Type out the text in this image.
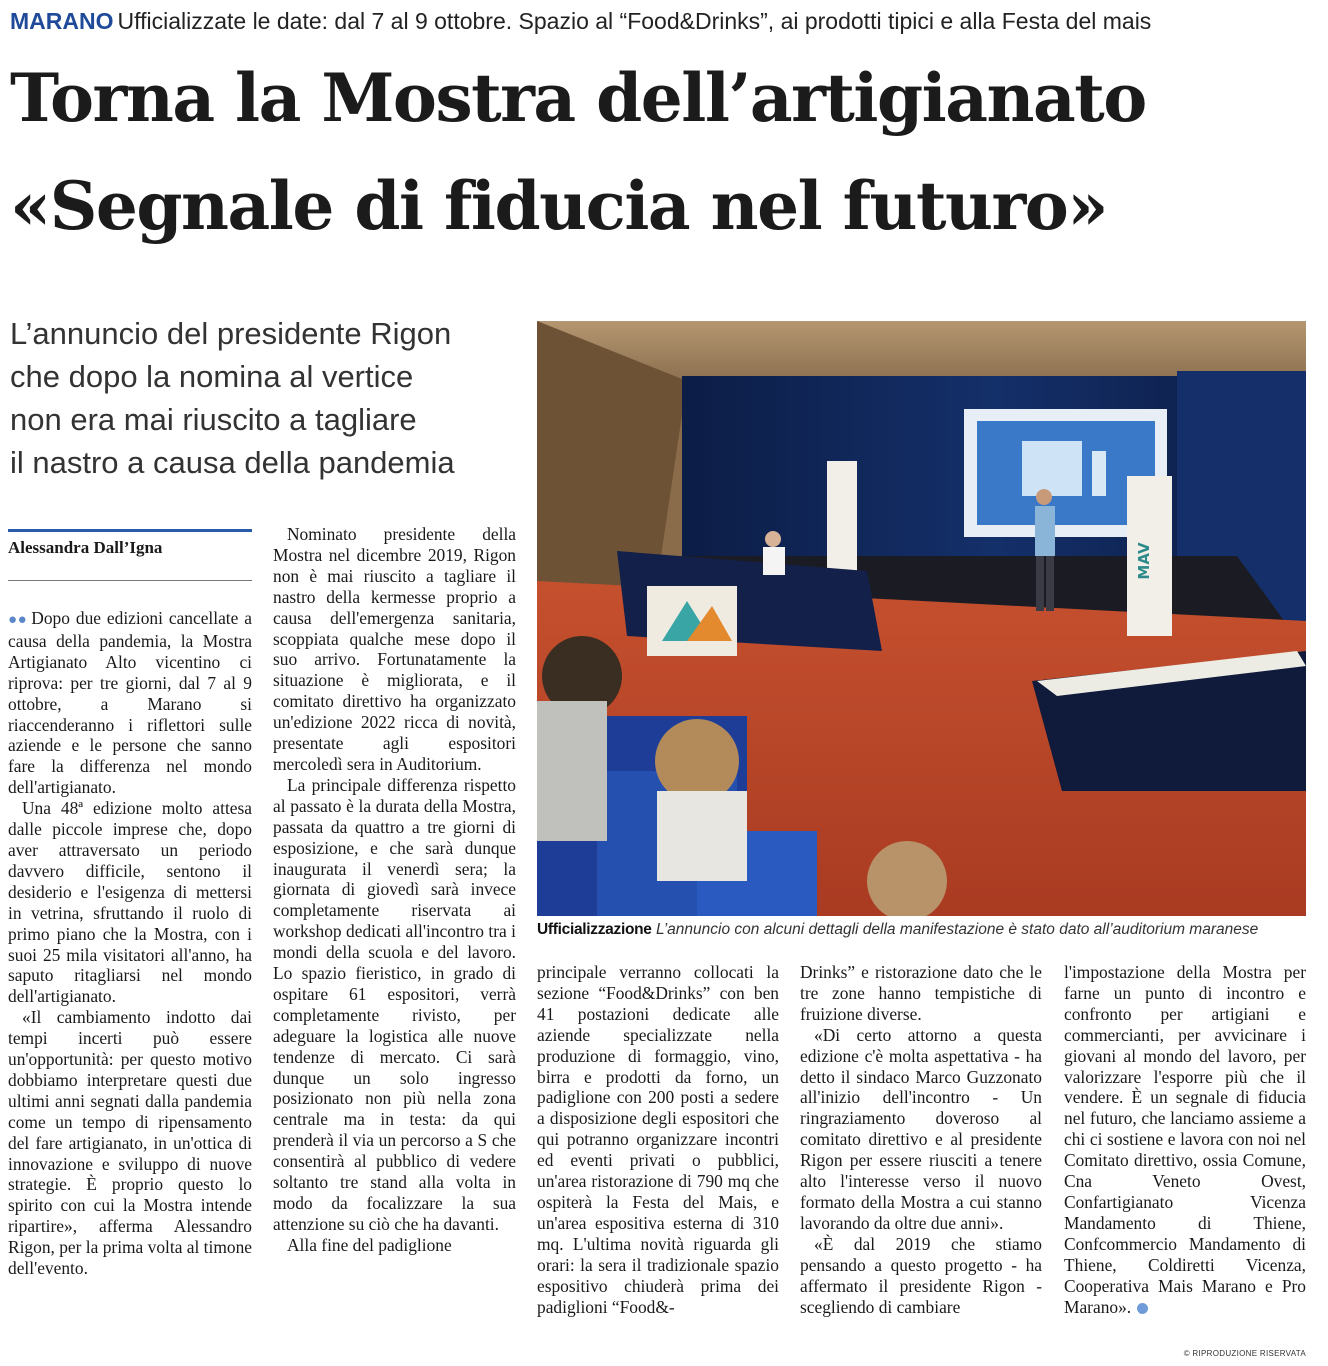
MARANO Ufficializzate le date: dal 7 al 9 ottobre. Spazio al “Food&Drinks”, ai prodotti tipici e alla Festa del mais
Torna la Mostra dell’artigianato
«Segnale di fiducia nel futuro»
L’annuncio del presidente Rigon
che dopo la nomina al vertice
non era mai riuscito a tagliare
il nastro a causa della pandemia
Alessandra Dall’Igna

●● Dopo due edizioni cancellate a causa della pandemia, la Mostra Artigianato Alto vicentino ci riprova: per tre giorni, dal 7 al 9 ottobre, a Marano si riaccenderanno i riflettori sulle aziende e le persone che sanno fare la differenza nel mondo dell'artigianato.

Una 48ª edizione molto attesa dalle piccole imprese che, dopo aver attraversato un periodo davvero difficile, sentono il desiderio e l'esigenza di mettersi in vetrina, sfruttando il ruolo di primo piano che la Mostra, con i suoi 25 mila visitatori all'anno, ha saputo ritagliarsi nel mondo dell'artigianato.

«Il cambiamento indotto dai tempi incerti può essere un'opportunità: per questo motivo dobbiamo interpretare questi due ultimi anni segnati dalla pandemia come un tempo di ripensamento del fare artigianato, in un'ottica di innovazione e sviluppo di nuove strategie. È proprio questo lo spirito con cui la Mostra intende ripartire», afferma Alessandro Rigon, per la prima volta al timone dell'evento.

Nominato presidente della Mostra nel dicembre 2019, Rigon non è mai riuscito a tagliare il nastro della kermesse proprio a causa dell'emergenza sanitaria, scoppiata qualche mese dopo il suo arrivo. Fortunatamente la situazione è migliorata, e il comitato direttivo ha organizzato un'edizione 2022 ricca di novità, presentate agli espositori mercoledì sera in Auditorium.

La principale differenza rispetto al passato è la durata della Mostra, passata da quattro a tre giorni di esposizione, e che sarà dunque inaugurata il venerdì sera; la giornata di giovedì sarà invece completamente riservata ai workshop dedicati all'incontro tra i mondi della scuola e del lavoro. Lo spazio fieristico, in grado di ospitare 61 espositori, verrà completamente rivisto, per adeguare la logistica alle nuove tendenze di mercato. Ci sarà dunque un solo ingresso posizionato non più nella zona centrale ma in testa: da qui prenderà il via un percorso a S che consentirà al pubblico di vedere soltanto tre stand alla volta in modo da focalizzare la sua attenzione su ciò che ha davanti.

Alla fine del padiglione

MAV
Ufficializzazione L’annuncio con alcuni dettagli della manifestazione è stato dato all’auditorium maranese

principale verranno collocati la sezione “Food&Drinks” con ben 41 postazioni dedicate alle aziende specializzate nella produzione di formaggio, vino, birra e prodotti da forno, un padiglione con 200 posti a sedere a disposizione degli espositori che qui potranno organizzare incontri ed eventi privati o pubblici, un'area ristorazione di 790 mq che ospiterà la Festa del Mais, e un'area espositiva esterna di 310 mq. L'ultima novità riguarda gli orari: la sera il tradizionale spazio espositivo chiuderà prima dei padiglioni “Food&-

Drinks” e ristorazione dato che le tre zone hanno tempistiche di fruizione diverse.

«Di certo attorno a questa edizione c'è molta aspettativa - ha detto il sindaco Marco Guzzonato all'inizio dell'incontro - Un ringraziamento doveroso al comitato direttivo e al presidente Rigon per essere riusciti a tenere alto l'interesse verso il nuovo formato della Mostra a cui stanno lavorando da oltre due anni».

«È dal 2019 che stiamo pensando a questo progetto - ha affermato il presidente Rigon - scegliendo di cambiare

l'impostazione della Mostra per farne un punto di incontro e confronto per artigiani e commercianti, per avvicinare i giovani al mondo del lavoro, per valorizzare l'esporre più che il vendere. È un segnale di fiducia nel futuro, che lanciamo assieme a chi ci sostiene e lavora con noi nel Comitato direttivo, ossia Comune, Cna Veneto Ovest, Confartigianato Vicenza Mandamento di Thiene, Confcommercio Mandamento di Thiene, Coldiretti Vicenza, Cooperativa Mais Marano e Pro Marano».

© RIPRODUZIONE RISERVATA
